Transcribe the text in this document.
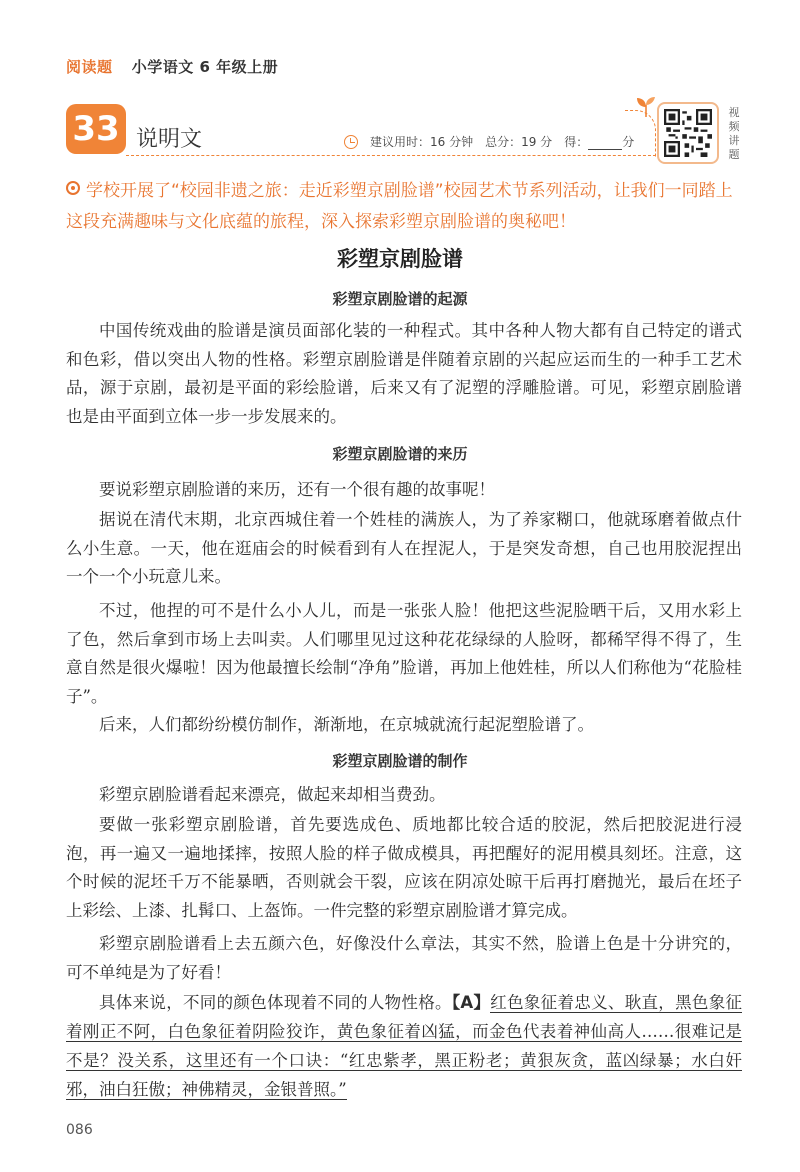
阅读题 小学语文 6 年级上册
33 说明文	建议用时：16 分钟 总分：19 分 得：	分
视频讲题
学校开展了“校园非遗之旅：走近彩塑京剧脸谱”校园艺术节系列活动，让我们一同踏上这段充满趣味与文化底蕴的旅程，深入探索彩塑京剧脸谱的奥秘吧！
彩塑京剧脸谱
彩塑京剧脸谱的起源
中国传统戏曲的脸谱是演员面部化装的一种程式。其中各种人物大都有自己特定的谱式和色彩，借以突出人物的性格。彩塑京剧脸谱是伴随着京剧的兴起应运而生的一种手工艺术品，源于京剧，最初是平面的彩绘脸谱，后来又有了泥塑的浮雕脸谱。可见，彩塑京剧脸谱也是由平面到立体一步一步发展来的。
彩塑京剧脸谱的来历
要说彩塑京剧脸谱的来历，还有一个很有趣的故事呢！
据说在清代末期，北京西城住着一个姓桂的满族人，为了养家糊口，他就琢磨着做点什么小生意。一天，他在逛庙会的时候看到有人在捏泥人，于是突发奇想，自己也用胶泥捏出一个一个小玩意儿来。
不过，他捏的可不是什么小人儿，而是一张张人脸！他把这些泥脸晒干后，又用水彩上了色，然后拿到市场上去叫卖。人们哪里见过这种花花绿绿的人脸呀，都稀罕得不得了，生意自然是很火爆啦！因为他最擅长绘制“净角”脸谱，再加上他姓桂，所以人们称他为“花脸桂子”。
后来，人们都纷纷模仿制作，渐渐地，在京城就流行起泥塑脸谱了。
彩塑京剧脸谱的制作
彩塑京剧脸谱看起来漂亮，做起来却相当费劲。
要做一张彩塑京剧脸谱，首先要选成色、质地都比较合适的胶泥，然后把胶泥进行浸泡，再一遍又一遍地揉摔，按照人脸的样子做成模具，再把醒好的泥用模具刻坯。注意，这个时候的泥坯千万不能暴晒，否则就会干裂，应该在阴凉处晾干后再打磨抛光，最后在坯子上彩绘、上漆、扎髯口、上盔饰。一件完整的彩塑京剧脸谱才算完成。
彩塑京剧脸谱看上去五颜六色，好像没什么章法，其实不然，脸谱上色是十分讲究的，可不单纯是为了好看！
具体来说，不同的颜色体现着不同的人物性格。【A】红色象征着忠义、耿直，黑色象征着刚正不阿，白色象征着阴险狡诈，黄色象征着凶猛，而金色代表着神仙高人……很难记是不是？没关系，这里还有一个口诀：“红忠紫孝，黑正粉老；黄狠灰贪，蓝凶绿暴；水白奸邪，油白狂傲；神佛精灵，金银普照。”
086
